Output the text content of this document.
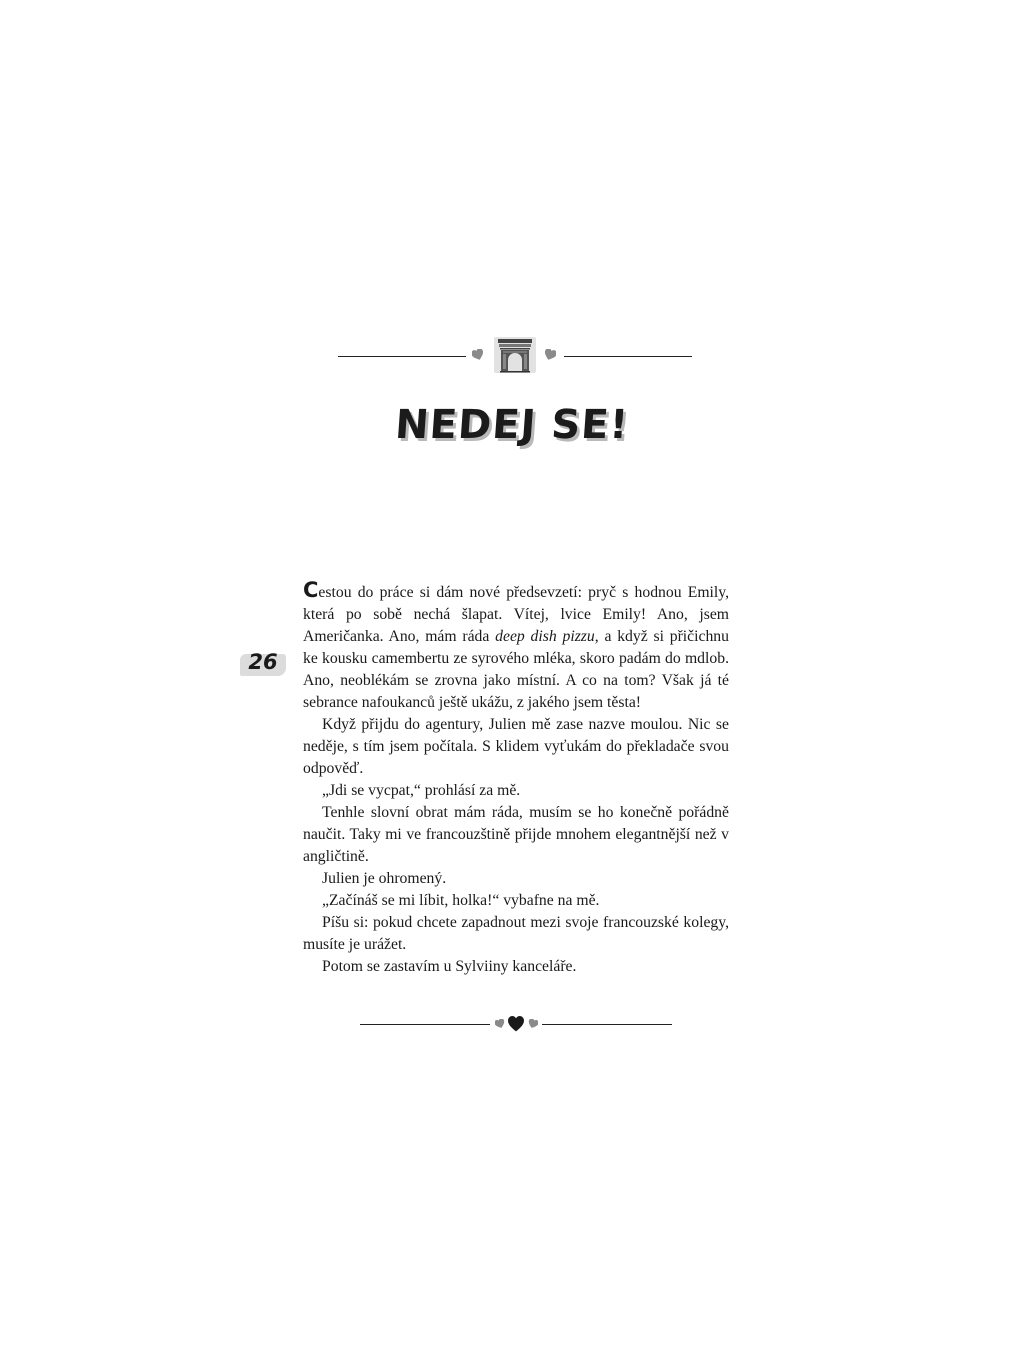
NEDEJ SE!
26

Cestou do práce si dám nové předsevzetí: pryč s hodnou Emily, která po sobě nechá šlapat. Vítej, lvice Emily! Ano, jsem Američanka. Ano, mám ráda deep dish pizzu, a když si přičichnu ke kousku camembertu ze syrového mléka, skoro padám do mdlob. Ano, neoblékám se zrovna jako místní. A co na tom? Však já té sebrance nafoukanců ještě ukážu, z jakého jsem těsta!

Když přijdu do agentury, Julien mě zase nazve moulou. Nic se neděje, s tím jsem počítala. S klidem vyťukám do překladače svou odpověď.

„Jdi se vycpat,“ prohlásí za mě.

Tenhle slovní obrat mám ráda, musím se ho konečně pořádně naučit. Taky mi ve francouzštině přijde mnohem elegantnější než v angličtině.

Julien je ohromený.

„Začínáš se mi líbit, holka!“ vybafne na mě.

Píšu si: pokud chcete zapadnout mezi svoje francouzské kolegy, musíte je urážet.

Potom se zastavím u Sylviiny kanceláře.
